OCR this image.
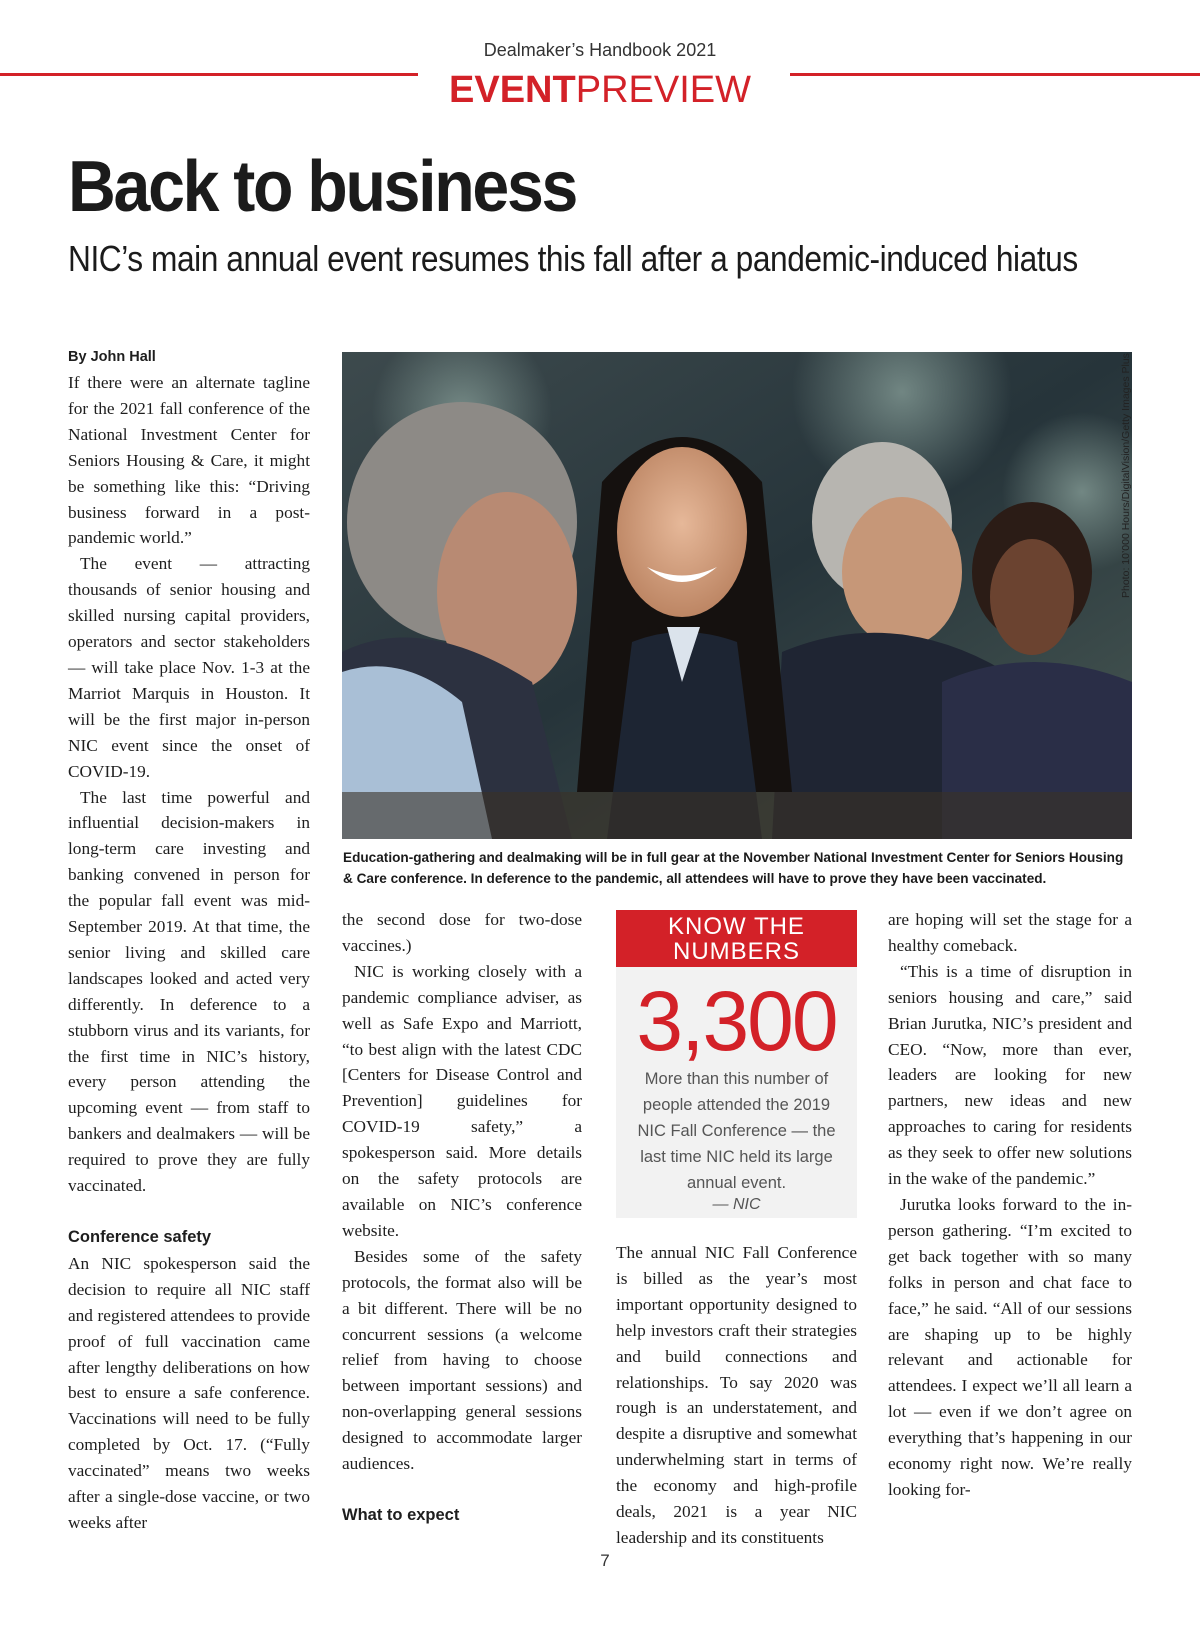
Dealmaker’s Handbook 2021
EVENTPREVIEW
Back to business
NIC’s main annual event resumes this fall after a pandemic-induced hiatus
By John Hall

If there were an alternate tagline for the 2021 fall conference of the National Investment Center for Seniors Housing & Care, it might be something like this: “Driving business forward in a post-pandemic world.”

The event — attracting thousands of senior housing and skilled nursing capital providers, operators and sector stakeholders — will take place Nov. 1-3 at the Marriot Marquis in Houston. It will be the first major in-person NIC event since the onset of COVID-19.

The last time powerful and influential decision-makers in long-term care investing and banking convened in person for the popular fall event was mid-September 2019. At that time, the senior living and skilled care landscapes looked and acted very differently. In deference to a stubborn virus and its variants, for the first time in NIC’s history, every person attending the upcoming event — from staff to bankers and dealmakers — will be required to prove they are fully vaccinated.

Conference safety

An NIC spokesperson said the decision to require all NIC staff and registered attendees to provide proof of full vaccination came after lengthy deliberations on how best to ensure a safe conference. Vaccinations will need to be fully completed by Oct. 17. (“Fully vaccinated” means two weeks after a single-dose vaccine, or two weeks after

Photo: 10’000 Hours/DigitalVision/Getty Images Plus
Education-gathering and dealmaking will be in full gear at the November National Investment Center for Seniors Housing & Care conference. In deference to the pandemic, all attendees will have to prove they have been vaccinated.

the second dose for two-dose vaccines.)

NIC is working closely with a pandemic compliance adviser, as well as Safe Expo and Marriott, “to best align with the latest CDC [Centers for Disease Control and Prevention] guidelines for COVID-19 safety,” a spokesperson said. More details on the safety protocols are available on NIC’s conference website.

Besides some of the safety protocols, the format also will be a bit different. There will be no concurrent sessions (a welcome relief from having to choose between important sessions) and non-overlapping general sessions designed to accommodate larger audiences.

What to expect

KNOW THE NUMBERS
3,300
More than this number of people attended the 2019 NIC Fall Conference — the last time NIC held its large annual event.
— NIC

The annual NIC Fall Conference is billed as the year’s most important opportunity designed to help investors craft their strategies and build connections and relationships. To say 2020 was rough is an understatement, and despite a disruptive and somewhat underwhelming start in terms of the economy and high-profile deals, 2021 is a year NIC leadership and its constituents

are hoping will set the stage for a healthy comeback.

“This is a time of disruption in seniors housing and care,” said Brian Jurutka, NIC’s president and CEO. “Now, more than ever, leaders are looking for new partners, new ideas and new approaches to caring for residents as they seek to offer new solutions in the wake of the pandemic.”

Jurutka looks forward to the in-person gathering. “I’m excited to get back together with so many folks in person and chat face to face,” he said. “All of our sessions are shaping up to be highly relevant and actionable for attendees. I expect we’ll all learn a lot — even if we don’t agree on everything that’s happening in our economy right now. We’re really looking for-

7
